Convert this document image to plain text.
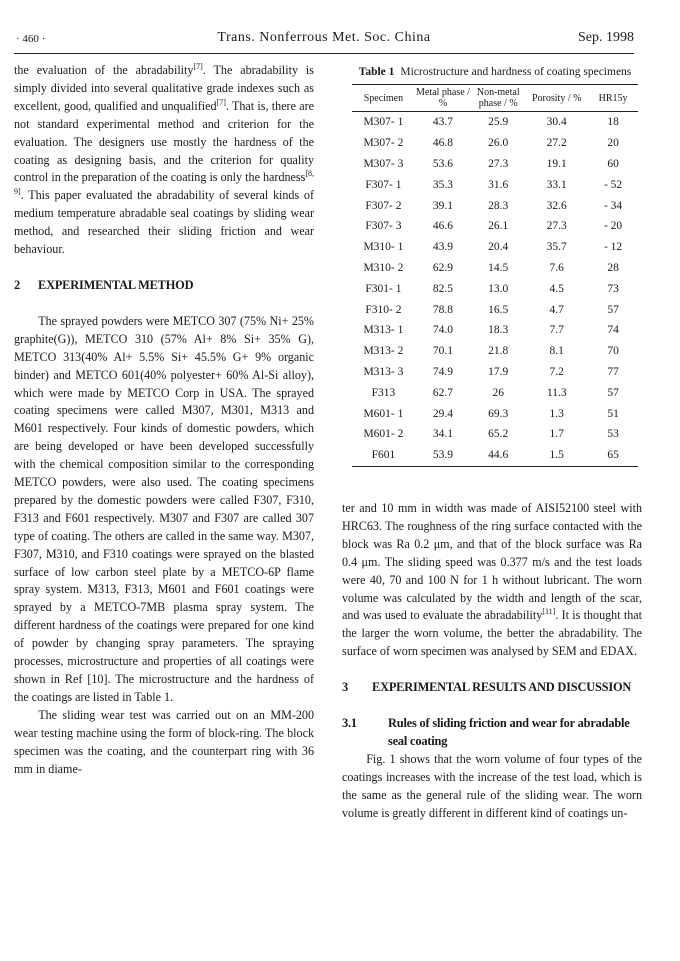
· 460 ·	Trans. Nonferrous Met. Soc. China	Sep. 1998

the evaluation of the abradability[7]. The abradability is simply divided into several qualitative grade indexes such as excellent, good, qualified and unqualified[7]. That is, there are not standard experimental method and criterion for the evaluation. The designers use mostly the hardness of the coating as designing basis, and the criterion for quality control in the preparation of the coating is only the hardness[8, 9]. This paper evaluated the abradability of several kinds of medium temperature abradable seal coatings by sliding wear method, and researched their sliding friction and wear behaviour.

2	EXPERIMENTAL METHOD

The sprayed powders were METCO 307 (75% Ni+ 25% graphite(G)), METCO 310 (57% Al+ 8% Si+ 35% G), METCO 313(40% Al+ 5.5% Si+ 45.5% G+ 9% organic binder) and METCO 601(40% polyester+ 60% Al-Si alloy), which were made by METCO Corp in USA. The sprayed coating specimens were called M307, M301, M313 and M601 respectively. Four kinds of domestic powders, which are being developed or have been developed successfully with the chemical composition similar to the corresponding METCO powders, were also used. The coating specimens prepared by the domestic powders were called F307, F310, F313 and F601 respectively. M307 and F307 are called 307 type of coating. The others are called in the same way. M307, F307, M310, and F310 coatings were sprayed on the blasted surface of low carbon steel plate by a METCO-6P flame spray system. M313, F313, M601 and F601 coatings were sprayed by a METCO-7MB plasma spray system. The different hardness of the coatings were prepared for one kind of powder by changing spray parameters. The spraying processes, microstructure and properties of all coatings were shown in Ref [10]. The microstructure and the hardness of the coatings are listed in Table 1.

The sliding wear test was carried out on an MM-200 wear testing machine using the form of block-ring. The block specimen was the coating, and the counterpart ring with 36 mm in diame-

Table 1 Microstructure and hardness of coating specimens
Specimen	Metal phase / %	Non-metal phase / %	Porosity / %	HR15y
M307- 1	43.7	25.9	30.4	18
M307- 2	46.8	26.0	27.2	20
M307- 3	53.6	27.3	19.1	60
F307- 1	35.3	31.6	33.1	- 52
F307- 2	39.1	28.3	32.6	- 34
F307- 3	46.6	26.1	27.3	- 20
M310- 1	43.9	20.4	35.7	- 12
M310- 2	62.9	14.5	7.6	28
F301- 1	82.5	13.0	4.5	73
F310- 2	78.8	16.5	4.7	57
M313- 1	74.0	18.3	7.7	74
M313- 2	70.1	21.8	8.1	70
M313- 3	74.9	17.9	7.2	77
F313	62.7	26	11.3	57
M601- 1	29.4	69.3	1.3	51
M601- 2	34.1	65.2	1.7	53
F601	53.9	44.6	1.5	65

ter and 10 mm in width was made of AISI52100 steel with HRC63. The roughness of the ring surface contacted with the block was Ra 0.2 μm, and that of the block surface was Ra 0.4 μm. The sliding speed was 0.377 m/s and the test loads were 40, 70 and 100 N for 1 h without lubricant. The worn volume was calculated by the width and length of the scar, and was used to evaluate the abradability[11]. It is thought that the larger the worn volume, the better the abradability. The surface of worn specimen was analysed by SEM and EDAX.

3	EXPERIMENTAL RESULTS AND DISCUSSION
3.1	Rules of sliding friction and wear for abradable seal coating

Fig. 1 shows that the worn volume of four types of the coatings increases with the increase of the test load, which is the same as the general rule of the sliding wear. The worn volume is greatly different in different kind of coatings un-
